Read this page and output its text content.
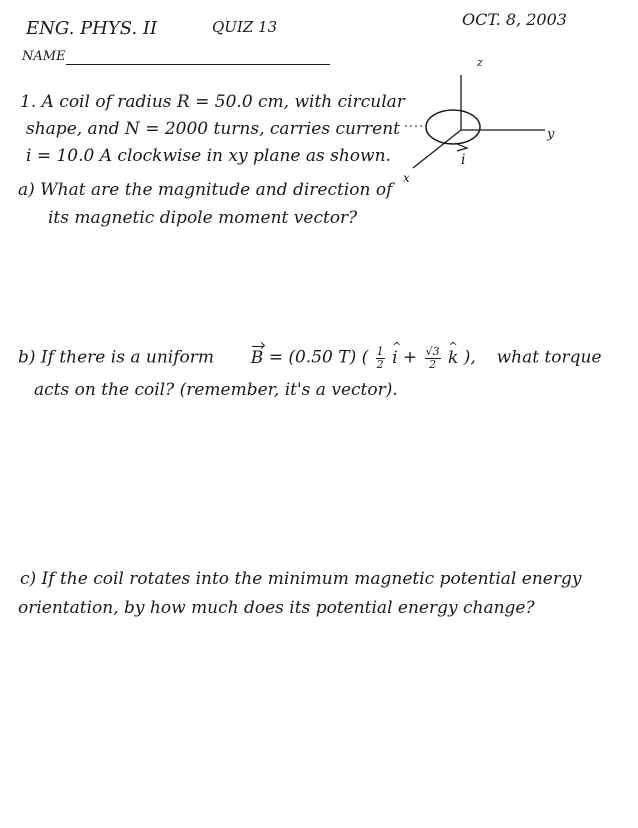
ENG. PHYS. II	QUIZ 13	OCT. 8, 2003
NAME
1. A coil of radius R = 50.0 cm, with circular
shape, and N = 2000 turns, carries current
i = 10.0 A clockwise in xy plane as shown.
a) What are the magnitude and direction of
its magnetic dipole moment vector?
z
y
x
i
b) If there is a uniform B = (0.50 T) ( $\frac{1}{2}$ ^ $i + \frac{√3}{2}$ ^ k ), what torque
acts on the coil? (remember, it's a vector).
c) If the coil rotates into the minimum magnetic potential energy
orientation, by how much does its potential energy change?
